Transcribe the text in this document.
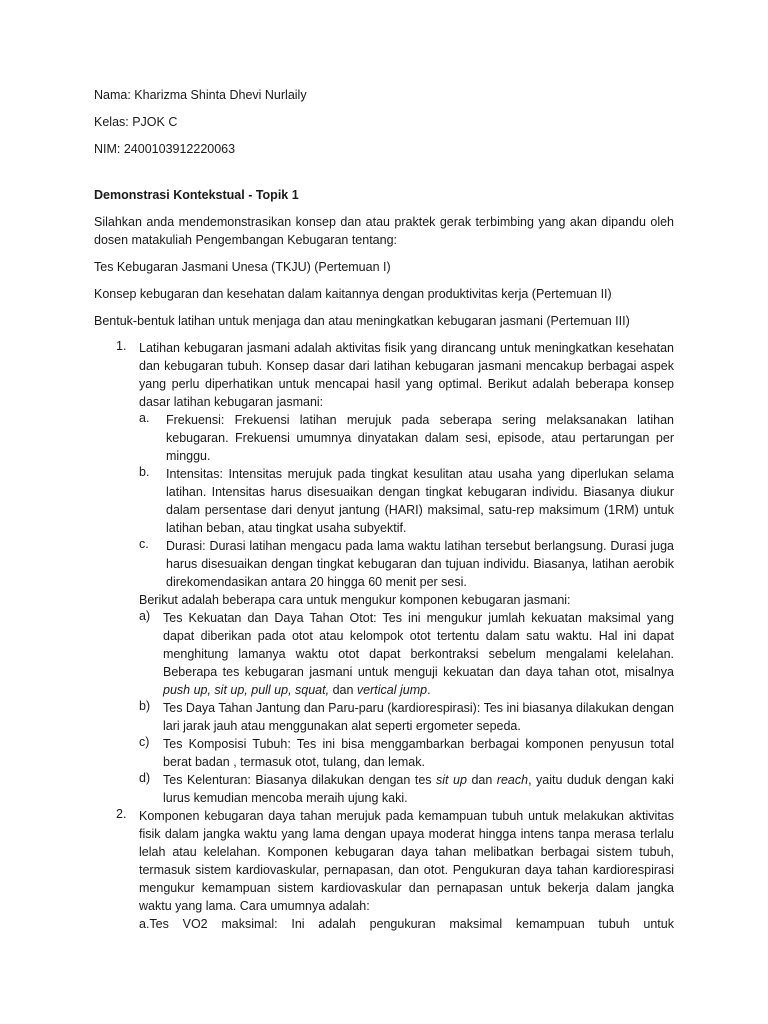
Nama: Kharizma Shinta Dhevi Nurlaily

Kelas: PJOK C

NIM: 2400103912220063

Demonstrasi Kontekstual - Topik 1

Silahkan anda mendemonstrasikan konsep dan atau praktek gerak terbimbing yang akan dipandu oleh dosen matakuliah Pengembangan Kebugaran tentang:

Tes Kebugaran Jasmani Unesa (TKJU) (Pertemuan I)

Konsep kebugaran dan kesehatan dalam kaitannya dengan produktivitas kerja (Pertemuan II)

Bentuk-bentuk latihan untuk menjaga dan atau meningkatkan kebugaran jasmani (Pertemuan III)

1. Latihan kebugaran jasmani adalah aktivitas fisik yang dirancang untuk meningkatkan kesehatan dan kebugaran tubuh. Konsep dasar dari latihan kebugaran jasmani mencakup berbagai aspek yang perlu diperhatikan untuk mencapai hasil yang optimal. Berikut adalah beberapa konsep dasar latihan kebugaran jasmani:

a. Frekuensi: Frekuensi latihan merujuk pada seberapa sering melaksanakan latihan kebugaran. Frekuensi umumnya dinyatakan dalam sesi, episode, atau pertarungan per minggu.

b. Intensitas: Intensitas merujuk pada tingkat kesulitan atau usaha yang diperlukan selama latihan. Intensitas harus disesuaikan dengan tingkat kebugaran individu. Biasanya diukur dalam persentase dari denyut jantung (HARI) maksimal, satu-rep maksimum (1RM) untuk latihan beban, atau tingkat usaha subyektif.

c. Durasi: Durasi latihan mengacu pada lama waktu latihan tersebut berlangsung. Durasi juga harus disesuaikan dengan tingkat kebugaran dan tujuan individu. Biasanya, latihan aerobik direkomendasikan antara 20 hingga 60 menit per sesi.

Berikut adalah beberapa cara untuk mengukur komponen kebugaran jasmani:

a) Tes Kekuatan dan Daya Tahan Otot: Tes ini mengukur jumlah kekuatan maksimal yang dapat diberikan pada otot atau kelompok otot tertentu dalam satu waktu. Hal ini dapat menghitung lamanya waktu otot dapat berkontraksi sebelum mengalami kelelahan. Beberapa tes kebugaran jasmani untuk menguji kekuatan dan daya tahan otot, misalnya push up, sit up, pull up, squat, dan vertical jump.

b) Tes Daya Tahan Jantung dan Paru-paru (kardiorespirasi): Tes ini biasanya dilakukan dengan lari jarak jauh atau menggunakan alat seperti ergometer sepeda.

c) Tes Komposisi Tubuh: Tes ini bisa menggambarkan berbagai komponen penyusun total berat badan , termasuk otot, tulang, dan lemak.

d) Tes Kelenturan: Biasanya dilakukan dengan tes sit up dan reach, yaitu duduk dengan kaki lurus kemudian mencoba meraih ujung kaki.

2. Komponen kebugaran daya tahan merujuk pada kemampuan tubuh untuk melakukan aktivitas fisik dalam jangka waktu yang lama dengan upaya moderat hingga intens tanpa merasa terlalu lelah atau kelelahan. Komponen kebugaran daya tahan melibatkan berbagai sistem tubuh, termasuk sistem kardiovaskular, pernapasan, dan otot. Pengukuran daya tahan kardiorespirasi mengukur kemampuan sistem kardiovaskular dan pernapasan untuk bekerja dalam jangka waktu yang lama. Cara umumnya adalah:

a.Tes VO2 maksimal: Ini adalah pengukuran maksimal kemampuan tubuh untuk
